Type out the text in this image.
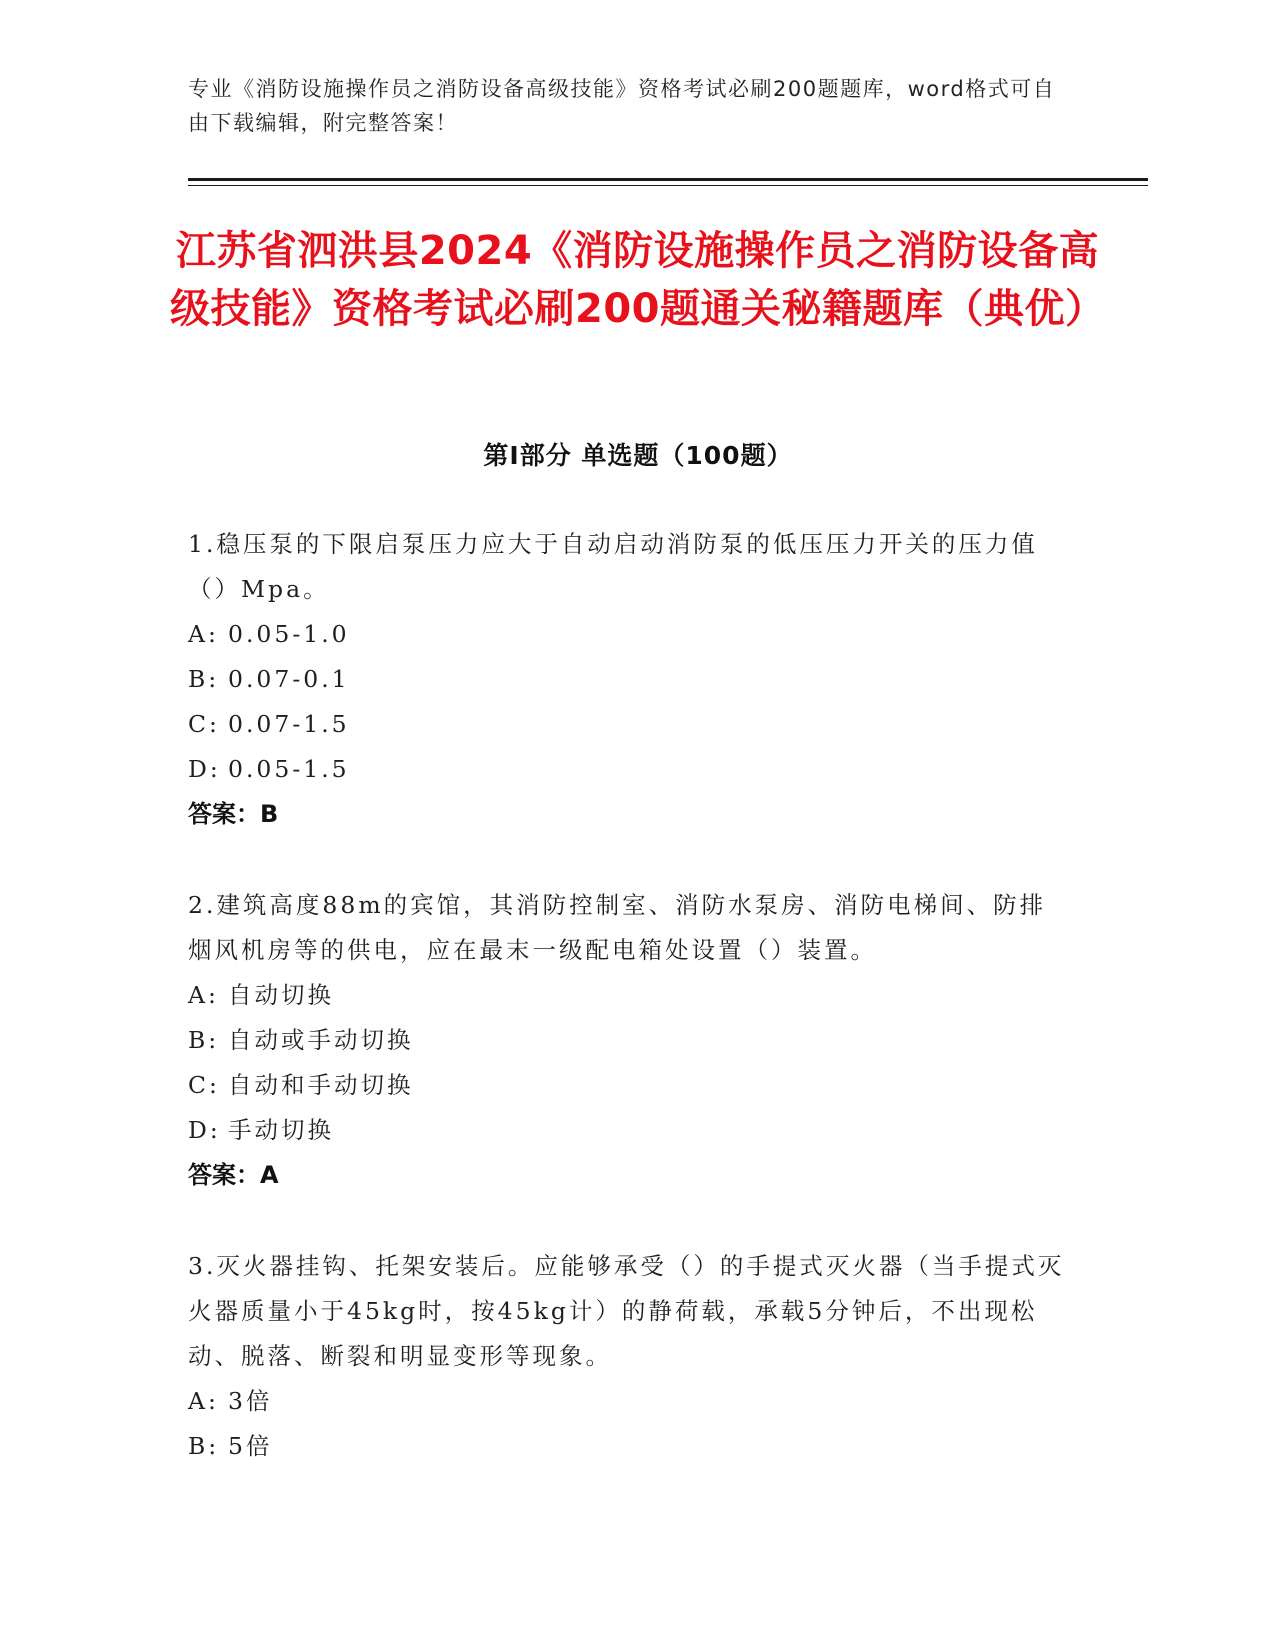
专业《消防设施操作员之消防设备高级技能》资格考试必刷200题题库，word格式可自由下载编辑，附完整答案！
江苏省泗洪县2024《消防设施操作员之消防设备高级技能》资格考试必刷200题通关秘籍题库（典优）
第Ⅰ部分 单选题（100题）
1.稳压泵的下限启泵压力应大于自动启动消防泵的低压压力开关的压力值（）Mpa。
A: 0.05-1.0
B: 0.07-0.1
C: 0.07-1.5
D: 0.05-1.5
答案：B
2.建筑高度88m的宾馆，其消防控制室、消防水泵房、消防电梯间、防排烟风机房等的供电，应在最末一级配电箱处设置（）装置。
A: 自动切换
B: 自动或手动切换
C: 自动和手动切换
D: 手动切换
答案：A
3.灭火器挂钩、托架安装后。应能够承受（）的手提式灭火器（当手提式灭火器质量小于45kg时，按45kg计）的静荷载，承载5分钟后，不出现松动、脱落、断裂和明显变形等现象。
A: 3倍
B: 5倍
